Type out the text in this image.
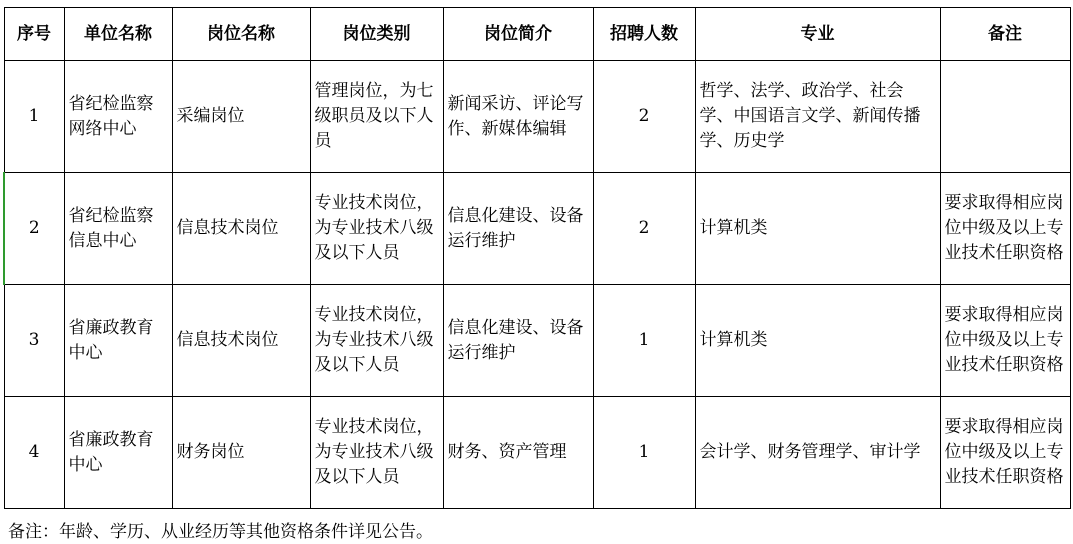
序号	单位名称	岗位名称	岗位类别	岗位简介	招聘人数	专业	备注
1	省纪检监察网络中心	采编岗位	管理岗位，为七级职员及以下人员	新闻采访、评论写作、新媒体编辑	2	哲学、法学、政治学、社会学、中国语言文学、新闻传播学、历史学	
2	省纪检监察信息中心	信息技术岗位	专业技术岗位，为专业技术八级及以下人员	信息化建设、设备运行维护	2	计算机类	要求取得相应岗位中级及以上专业技术任职资格
3	省廉政教育中心	信息技术岗位	专业技术岗位，为专业技术八级及以下人员	信息化建设、设备运行维护	1	计算机类	要求取得相应岗位中级及以上专业技术任职资格
4	省廉政教育中心	财务岗位	专业技术岗位，为专业技术八级及以下人员	财务、资产管理	1	会计学、财务管理学、审计学	要求取得相应岗位中级及以上专业技术任职资格
备注：年龄、学历、从业经历等其他资格条件详见公告。
